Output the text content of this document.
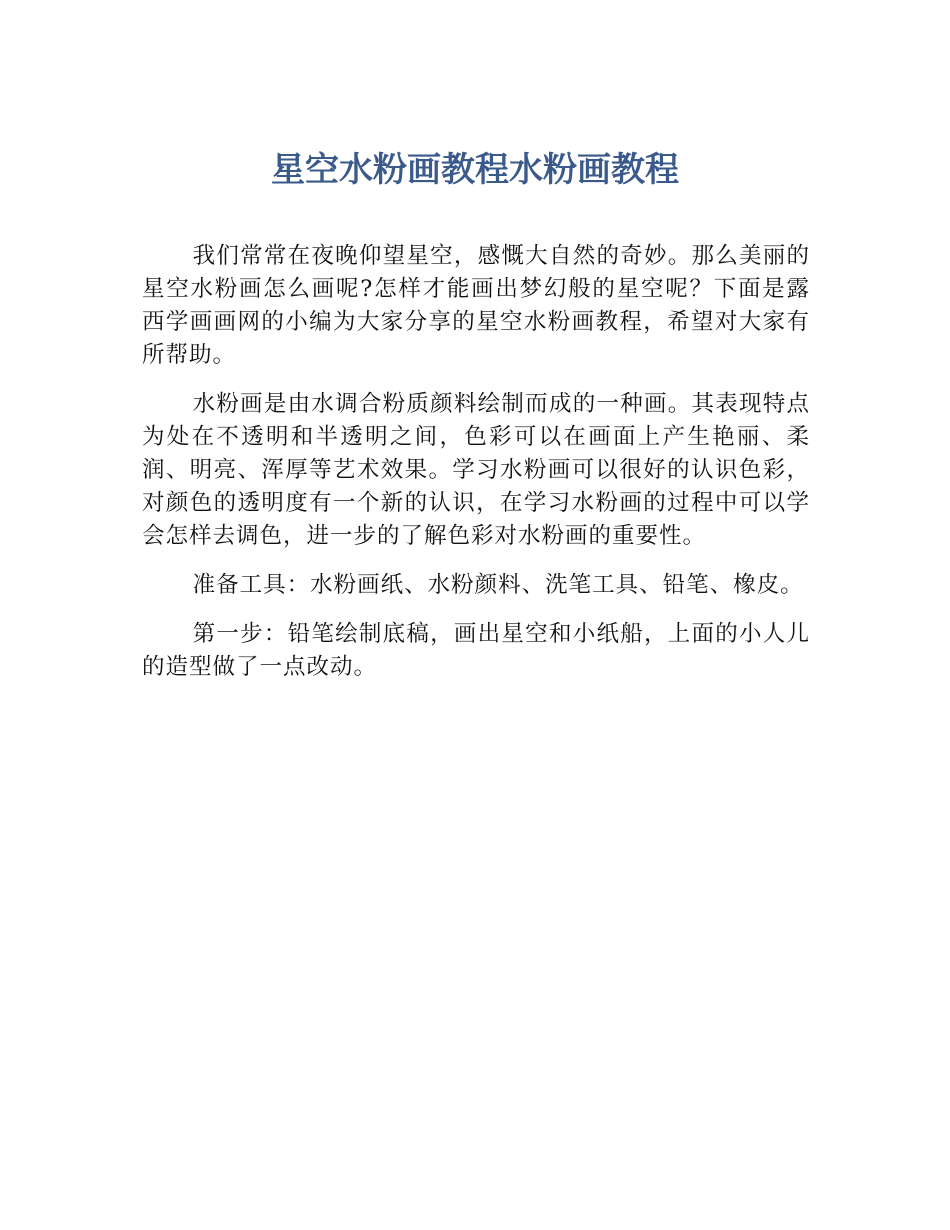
星空水粉画教程水粉画教程

我们常常在夜晚仰望星空，感慨大自然的奇妙。那么美丽的星空水粉画怎么画呢?怎样才能画出梦幻般的星空呢？下面是露西学画画网的小编为大家分享的星空水粉画教程，希望对大家有所帮助。

水粉画是由水调合粉质颜料绘制而成的一种画。其表现特点为处在不透明和半透明之间，色彩可以在画面上产生艳丽、柔润、明亮、浑厚等艺术效果。学习水粉画可以很好的认识色彩，对颜色的透明度有一个新的认识，在学习水粉画的过程中可以学会怎样去调色，进一步的了解色彩对水粉画的重要性。

准备工具：水粉画纸、水粉颜料、洗笔工具、铅笔、橡皮。

第一步：铅笔绘制底稿，画出星空和小纸船，上面的小人儿的造型做了一点改动。
